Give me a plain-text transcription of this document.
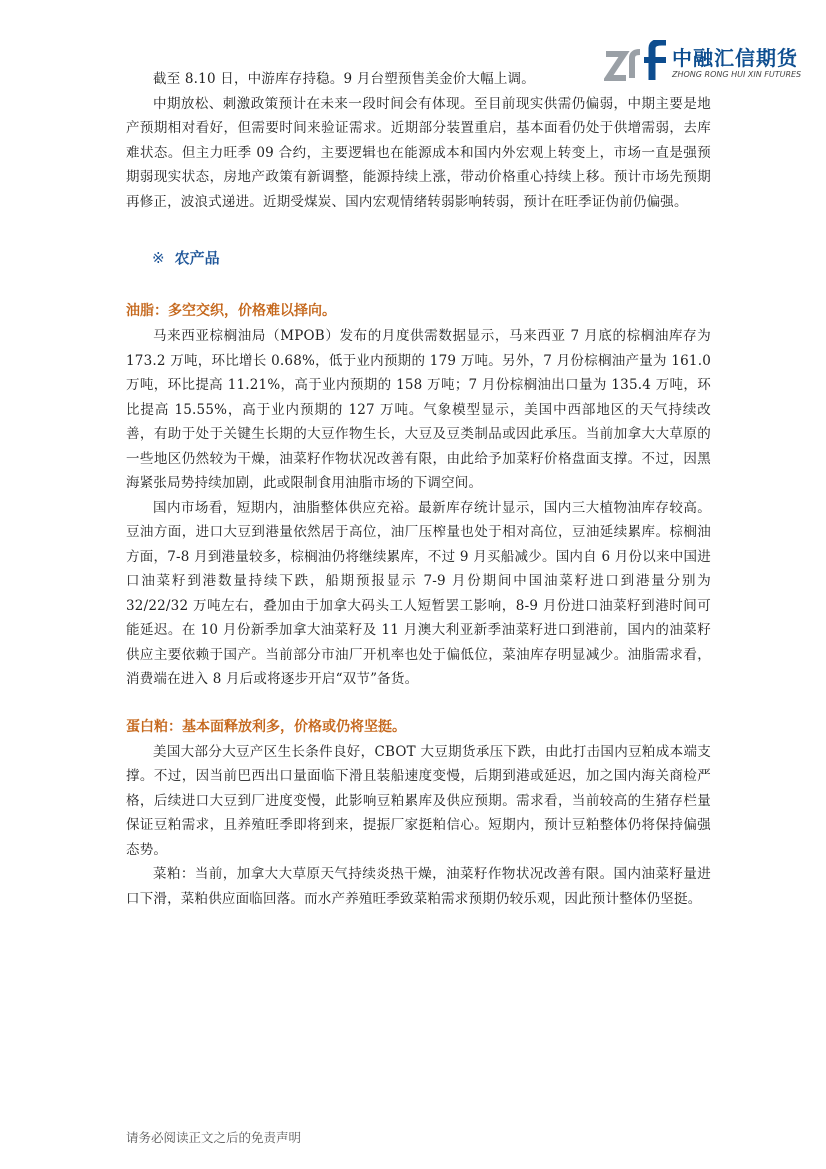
中融汇信期货
ZHONG RONG HUI XIN FUTURES

截至 8.10 日，中游库存持稳。9 月台塑预售美金价大幅上调。

中期放松、刺激政策预计在未来一段时间会有体现。至目前现实供需仍偏弱，中期主要是地产预期相对看好，但需要时间来验证需求。近期部分装置重启，基本面看仍处于供增需弱，去库难状态。但主力旺季 09 合约，主要逻辑也在能源成本和国内外宏观上转变上，市场一直是强预期弱现实状态，房地产政策有新调整，能源持续上涨，带动价格重心持续上移。预计市场先预期再修正，波浪式递进。近期受煤炭、国内宏观情绪转弱影响转弱，预计在旺季证伪前仍偏强。

※ 农产品
油脂：多空交织，价格难以择向。

马来西亚棕榈油局（MPOB）发布的月度供需数据显示，马来西亚 7 月底的棕榈油库存为 173.2 万吨，环比增长 0.68%，低于业内预期的 179 万吨。另外，7 月份棕榈油产量为 161.0 万吨，环比提高 11.21%，高于业内预期的 158 万吨；7 月份棕榈油出口量为 135.4 万吨，环比提高 15.55%，高于业内预期的 127 万吨。气象模型显示，美国中西部地区的天气持续改善，有助于处于关键生长期的大豆作物生长，大豆及豆类制品或因此承压。当前加拿大大草原的一些地区仍然较为干燥，油菜籽作物状况改善有限，由此给予加菜籽价格盘面支撑。不过，因黑海紧张局势持续加剧，此或限制食用油脂市场的下调空间。

国内市场看，短期内，油脂整体供应充裕。最新库存统计显示，国内三大植物油库存较高。豆油方面，进口大豆到港量依然居于高位，油厂压榨量也处于相对高位，豆油延续累库。棕榈油方面，7-8 月到港量较多，棕榈油仍将继续累库，不过 9 月买船减少。国内自 6 月份以来中国进口油菜籽到港数量持续下跌，船期预报显示 7-9 月份期间中国油菜籽进口到港量分别为 32/22/32 万吨左右，叠加由于加拿大码头工人短暂罢工影响，8-9 月份进口油菜籽到港时间可能延迟。在 10 月份新季加拿大油菜籽及 11 月澳大利亚新季油菜籽进口到港前，国内的油菜籽供应主要依赖于国产。当前部分市油厂开机率也处于偏低位，菜油库存明显减少。油脂需求看，消费端在进入 8 月后或将逐步开启“双节”备货。

蛋白粕：基本面释放利多，价格或仍将坚挺。

美国大部分大豆产区生长条件良好，CBOT 大豆期货承压下跌，由此打击国内豆粕成本端支撑。不过，因当前巴西出口量面临下滑且装船速度变慢，后期到港或延迟，加之国内海关商检严格，后续进口大豆到厂进度变慢，此影响豆粕累库及供应预期。需求看，当前较高的生猪存栏量保证豆粕需求，且养殖旺季即将到来，提振厂家挺粕信心。短期内，预计豆粕整体仍将保持偏强态势。

菜粕：当前，加拿大大草原天气持续炎热干燥，油菜籽作物状况改善有限。国内油菜籽量进口下滑，菜粕供应面临回落。而水产养殖旺季致菜粕需求预期仍较乐观，因此预计整体仍坚挺。

请务必阅读正文之后的免责声明
